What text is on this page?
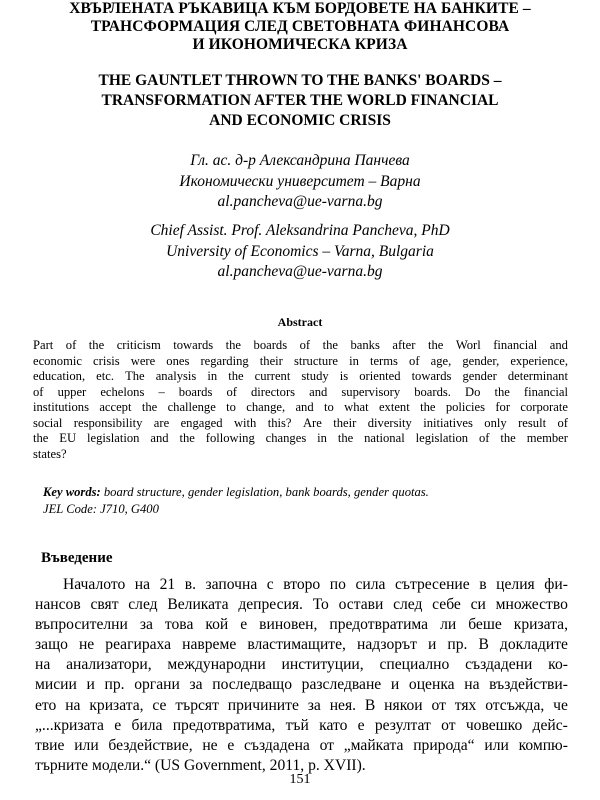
ХВЪРЛЕНАТА РЪКАВИЦА КЪМ БОРДОВЕТЕ НА БАНКИТЕ –
ТРАНСФОРМАЦИЯ СЛЕД СВЕТОВНАТА ФИНАНСОВА
И ИКОНОМИЧЕСКА КРИЗА
THE GAUNTLET THROWN TO THE BANKS' BOARDS –
TRANSFORMATION AFTER THE WORLD FINANCIAL
AND ECONOMIC CRISIS
Гл. ас. д-р Александрина Панчева
Икономически университет – Варна
al.pancheva@ue-varna.bg
Chief Assist. Prof. Aleksandrina Pancheva, PhD
University of Economics – Varna, Bulgaria
al.pancheva@ue-varna.bg
Abstract
Part of the criticism towards the boards of the banks after the Worl financial and
economic crisis were ones regarding their structure in terms of age, gender, experience,
education, etc. The analysis in the current study is oriented towards gender determinant
of upper echelons – boards of directors and supervisory boards. Do the financial
institutions accept the challenge to change, and to what extent the policies for corporate
social responsibility are engaged with this? Are their diversity initiatives only result of
the EU legislation and the following changes in the national legislation of the member
states?
Key words: board structure, gender legislation, bank boards, gender quotas.
JEL Code: J710, G400
Въведение
Началото на 21 в. започна с второ по сила сътресение в целия фи-
нансов свят след Великата депресия. То остави след себе си множество
въпросителни за това кой е виновен, предотвратима ли беше кризата,
защо не реагираха навреме властимащите, надзорът и пр. В докладите
на анализатори, международни институции, специално създадени ко-
мисии и пр. органи за последващо разследване и оценка на въздействи-
ето на кризата, се търсят причините за нея. В някои от тях отсъжда, че
„...кризата е била предотвратима, тъй като е резултат от човешко дейс-
твие или бездействие, не е създадена от „майката природа“ или компю-
търните модели.“ (US Government, 2011, p. XVII).
151
